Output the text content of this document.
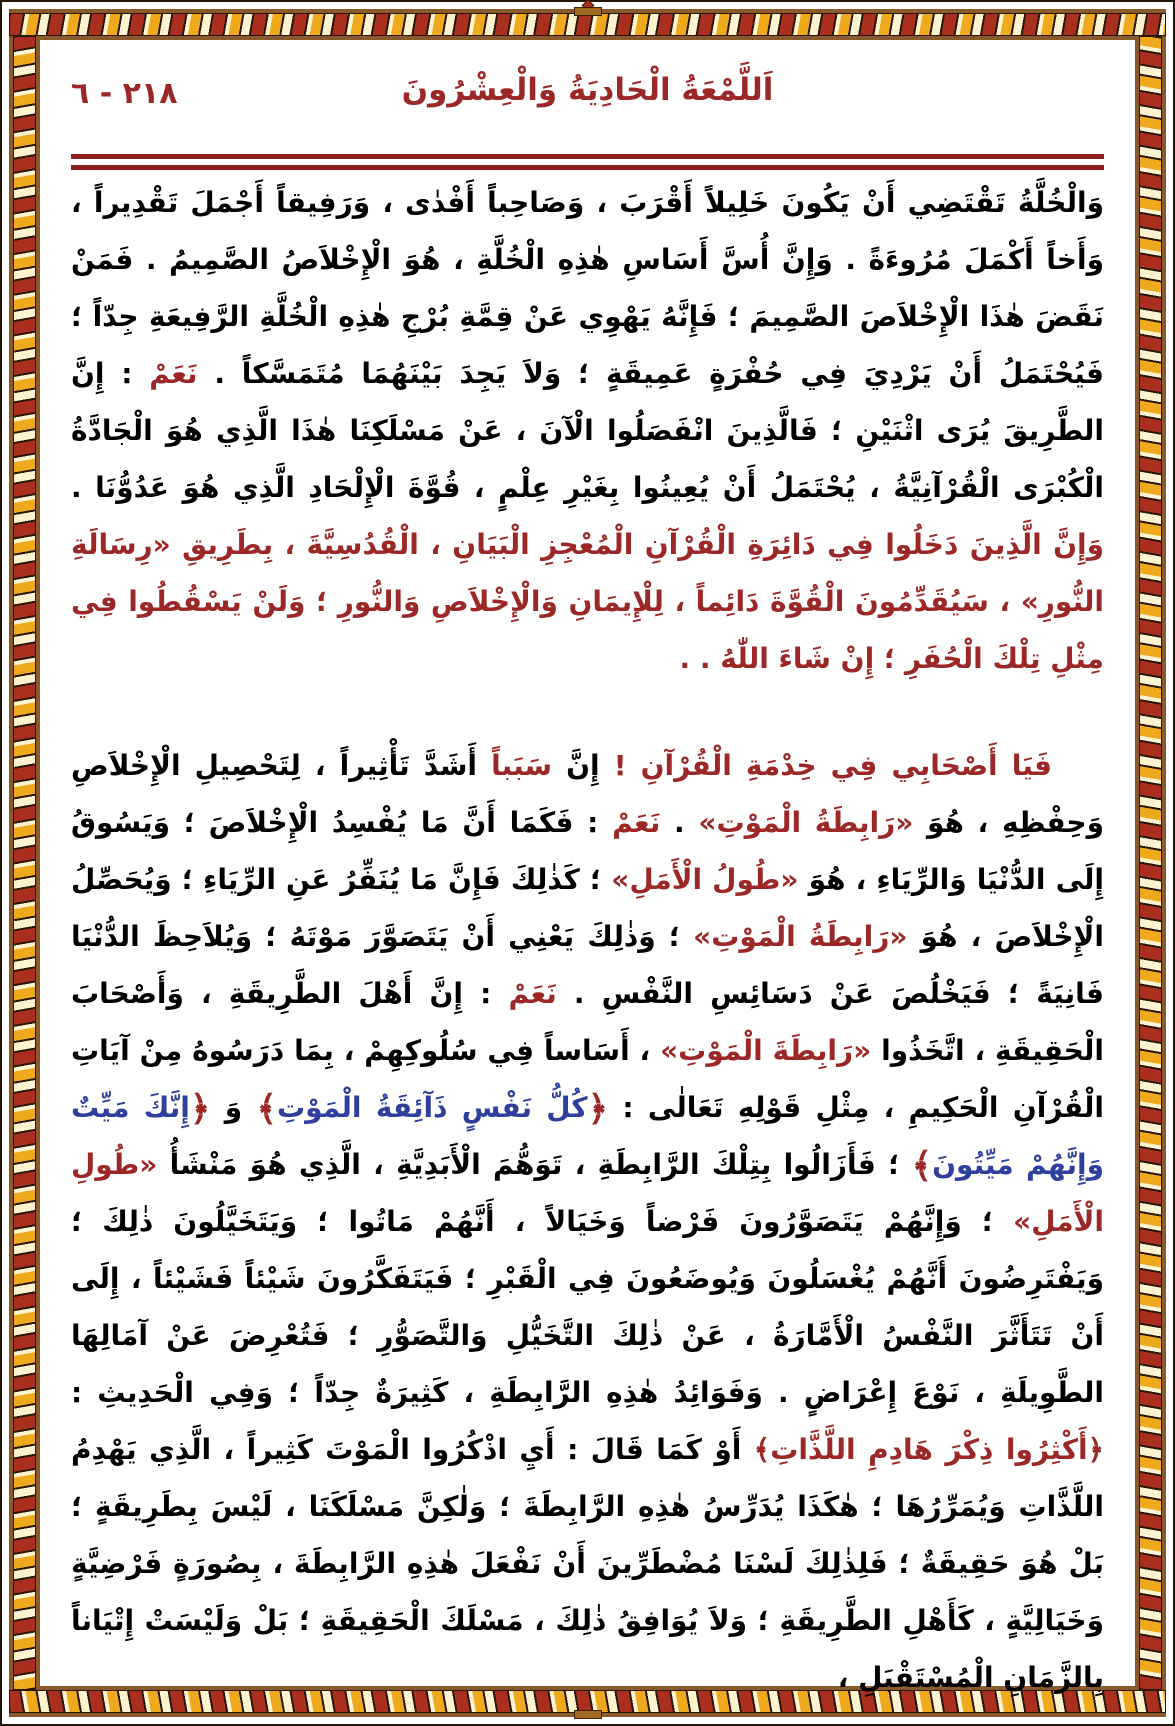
٢١٨ - ٦	اَللَّمْعَةُ الْحَادِيَةُ وَالْعِشْرُونَ

وَالْخُلَّةُ تَقْتَضِي أَنْ يَكُونَ خَلِيلاً أَقْرَبَ ، وَصَاحِباً أَفْدٰى ، وَرَفِيقاً أَجْمَلَ تَقْدِيراً ، وَأَخاً أَكْمَلَ مُرُوءَةً . وَإِنَّ أُسَّ أَسَاسِ هٰذِهِ الْخُلَّةِ ، هُوَ الْإِخْلاَصُ الصَّمِيمُ . فَمَنْ نَقَضَ هٰذَا الْإِخْلاَصَ الصَّمِيمَ ؛ فَإِنَّهُ يَهْوِي عَنْ قِمَّةِ بُرْجِ هٰذِهِ الْخُلَّةِ الرَّفِيعَةِ جِدّاً ؛ فَيُحْتَمَلُ أَنْ يَرْدِيَ فِي حُفْرَةٍ عَمِيقَةٍ ؛ وَلاَ يَجِدَ بَيْنَهُمَا مُتَمَسَّكاً . نَعَمْ : إِنَّ الطَّرِيقَ يُرَى اثْنَيْنِ ؛ فَالَّذِينَ انْفَصَلُوا الْآنَ ، عَنْ مَسْلَكِنَا هٰذَا الَّذِي هُوَ الْجَادَّةُ الْكُبْرَى الْقُرْآنِيَّةُ ، يُحْتَمَلُ أَنْ يُعِينُوا بِغَيْرِ عِلْمٍ ، قُوَّةَ الْإِلْحَادِ الَّذِي هُوَ عَدُوُّنَا . وَإِنَّ الَّذِينَ دَخَلُوا فِي دَائِرَةِ الْقُرْآنِ الْمُعْجِزِ الْبَيَانِ ، الْقُدُسِيَّةَ ، بِطَرِيقِ «رِسَالَةِ النُّورِ» ، سَيُقَدِّمُونَ الْقُوَّةَ دَائِماً ، لِلْإِيمَانِ وَالْإِخْلاَصِ وَالنُّورِ ؛ وَلَنْ يَسْقُطُوا فِي مِثْلِ تِلْكَ الْحُفَرِ ؛ إِنْ شَاءَ اللّٰهُ . .

فَيَا أَصْحَابِي فِي خِدْمَةِ الْقُرْآنِ ! إِنَّ سَبَباً أَشَدَّ تَأْثِيراً ، لِتَحْصِيلِ الْإِخْلاَصِ وَحِفْظِهِ ، هُوَ «رَابِطَةُ الْمَوْتِ» . نَعَمْ : فَكَمَا أَنَّ مَا يُفْسِدُ الْإِخْلاَصَ ؛ وَيَسُوقُ إِلَى الدُّنْيَا وَالرِّيَاءِ ، هُوَ «طُولُ الْأَمَلِ» ؛ كَذٰلِكَ فَإِنَّ مَا يُنَفِّرُ عَنِ الرِّيَاءِ ؛ وَيُحَصِّلُ الْإِخْلاَصَ ، هُوَ «رَابِطَةُ الْمَوْتِ» ؛ وَذٰلِكَ يَعْنِي أَنْ يَتَصَوَّرَ مَوْتَهُ ؛ وَيُلاَحِظَ الدُّنْيَا فَانِيَةً ؛ فَيَخْلُصَ عَنْ دَسَائِسِ النَّفْسِ . نَعَمْ : إِنَّ أَهْلَ الطَّرِيقَةِ ، وَأَصْحَابَ الْحَقِيقَةِ ، اتَّخَذُوا «رَابِطَةَ الْمَوْتِ» ، أَسَاساً فِي سُلُوكِهِمْ ، بِمَا دَرَسُوهُ مِنْ آيَاتِ الْقُرْآنِ الْحَكِيمِ ، مِثْلِ قَوْلِهِ تَعَالٰى : ﴿كُلُّ نَفْسٍ ذَآئِقَةُ الْمَوْتِ﴾ وَ ﴿إِنَّكَ مَيِّتٌ وَإِنَّهُمْ مَيِّتُونَ﴾ ؛ فَأَزَالُوا بِتِلْكَ الرَّابِطَةِ ، تَوَهُّمَ الْأَبَدِيَّةِ ، الَّذِي هُوَ مَنْشَأُ «طُولِ الْأَمَلِ» ؛ وَإِنَّهُمْ يَتَصَوَّرُونَ فَرْضاً وَخَيَالاً ، أَنَّهُمْ مَاتُوا ؛ وَيَتَخَيَّلُونَ ذٰلِكَ ؛ وَيَفْتَرِضُونَ أَنَّهُمْ يُغْسَلُونَ وَيُوضَعُونَ فِي الْقَبْرِ ؛ فَيَتَفَكَّرُونَ شَيْئاً فَشَيْئاً ، إِلَى أَنْ تَتَأَثَّرَ النَّفْسُ الْأَمَّارَةُ ، عَنْ ذٰلِكَ التَّخَيُّلِ وَالتَّصَوُّرِ ؛ فَتُعْرِضَ عَنْ آمَالِهَا الطَّوِيلَةِ ، نَوْعَ إِعْرَاضٍ . وَفَوَائِدُ هٰذِهِ الرَّابِطَةِ ، كَثِيرَةٌ جِدّاً ؛ وَفِي الْحَدِيثِ : ﴿أَكْثِرُوا ذِكْرَ هَادِمِ اللَّذَّاتِ﴾ أَوْ كَمَا قَالَ : أَيِ اذْكُرُوا الْمَوْتَ كَثِيراً ، الَّذِي يَهْدِمُ اللَّذَّاتِ وَيُمَرِّرُهَا ؛ هٰكَذَا يُدَرِّسُ هٰذِهِ الرَّابِطَةَ ؛ وَلٰكِنَّ مَسْلَكَنَا ، لَيْسَ بِطَرِيقَةٍ ؛ بَلْ هُوَ حَقِيقَةٌ ؛ فَلِذٰلِكَ لَسْنَا مُضْطَرِّينَ أَنْ نَفْعَلَ هٰذِهِ الرَّابِطَةَ ، بِصُورَةٍ فَرْضِيَّةٍ وَخَيَالِيَّةٍ ، كَأَهْلِ الطَّرِيقَةِ ؛ وَلاَ يُوَافِقُ ذٰلِكَ ، مَسْلَكَ الْحَقِيقَةِ ؛ بَلْ وَلَيْسَتْ إِتْيَاناً بِالزَّمَانِ الْمُسْتَقْبَلِ ،
